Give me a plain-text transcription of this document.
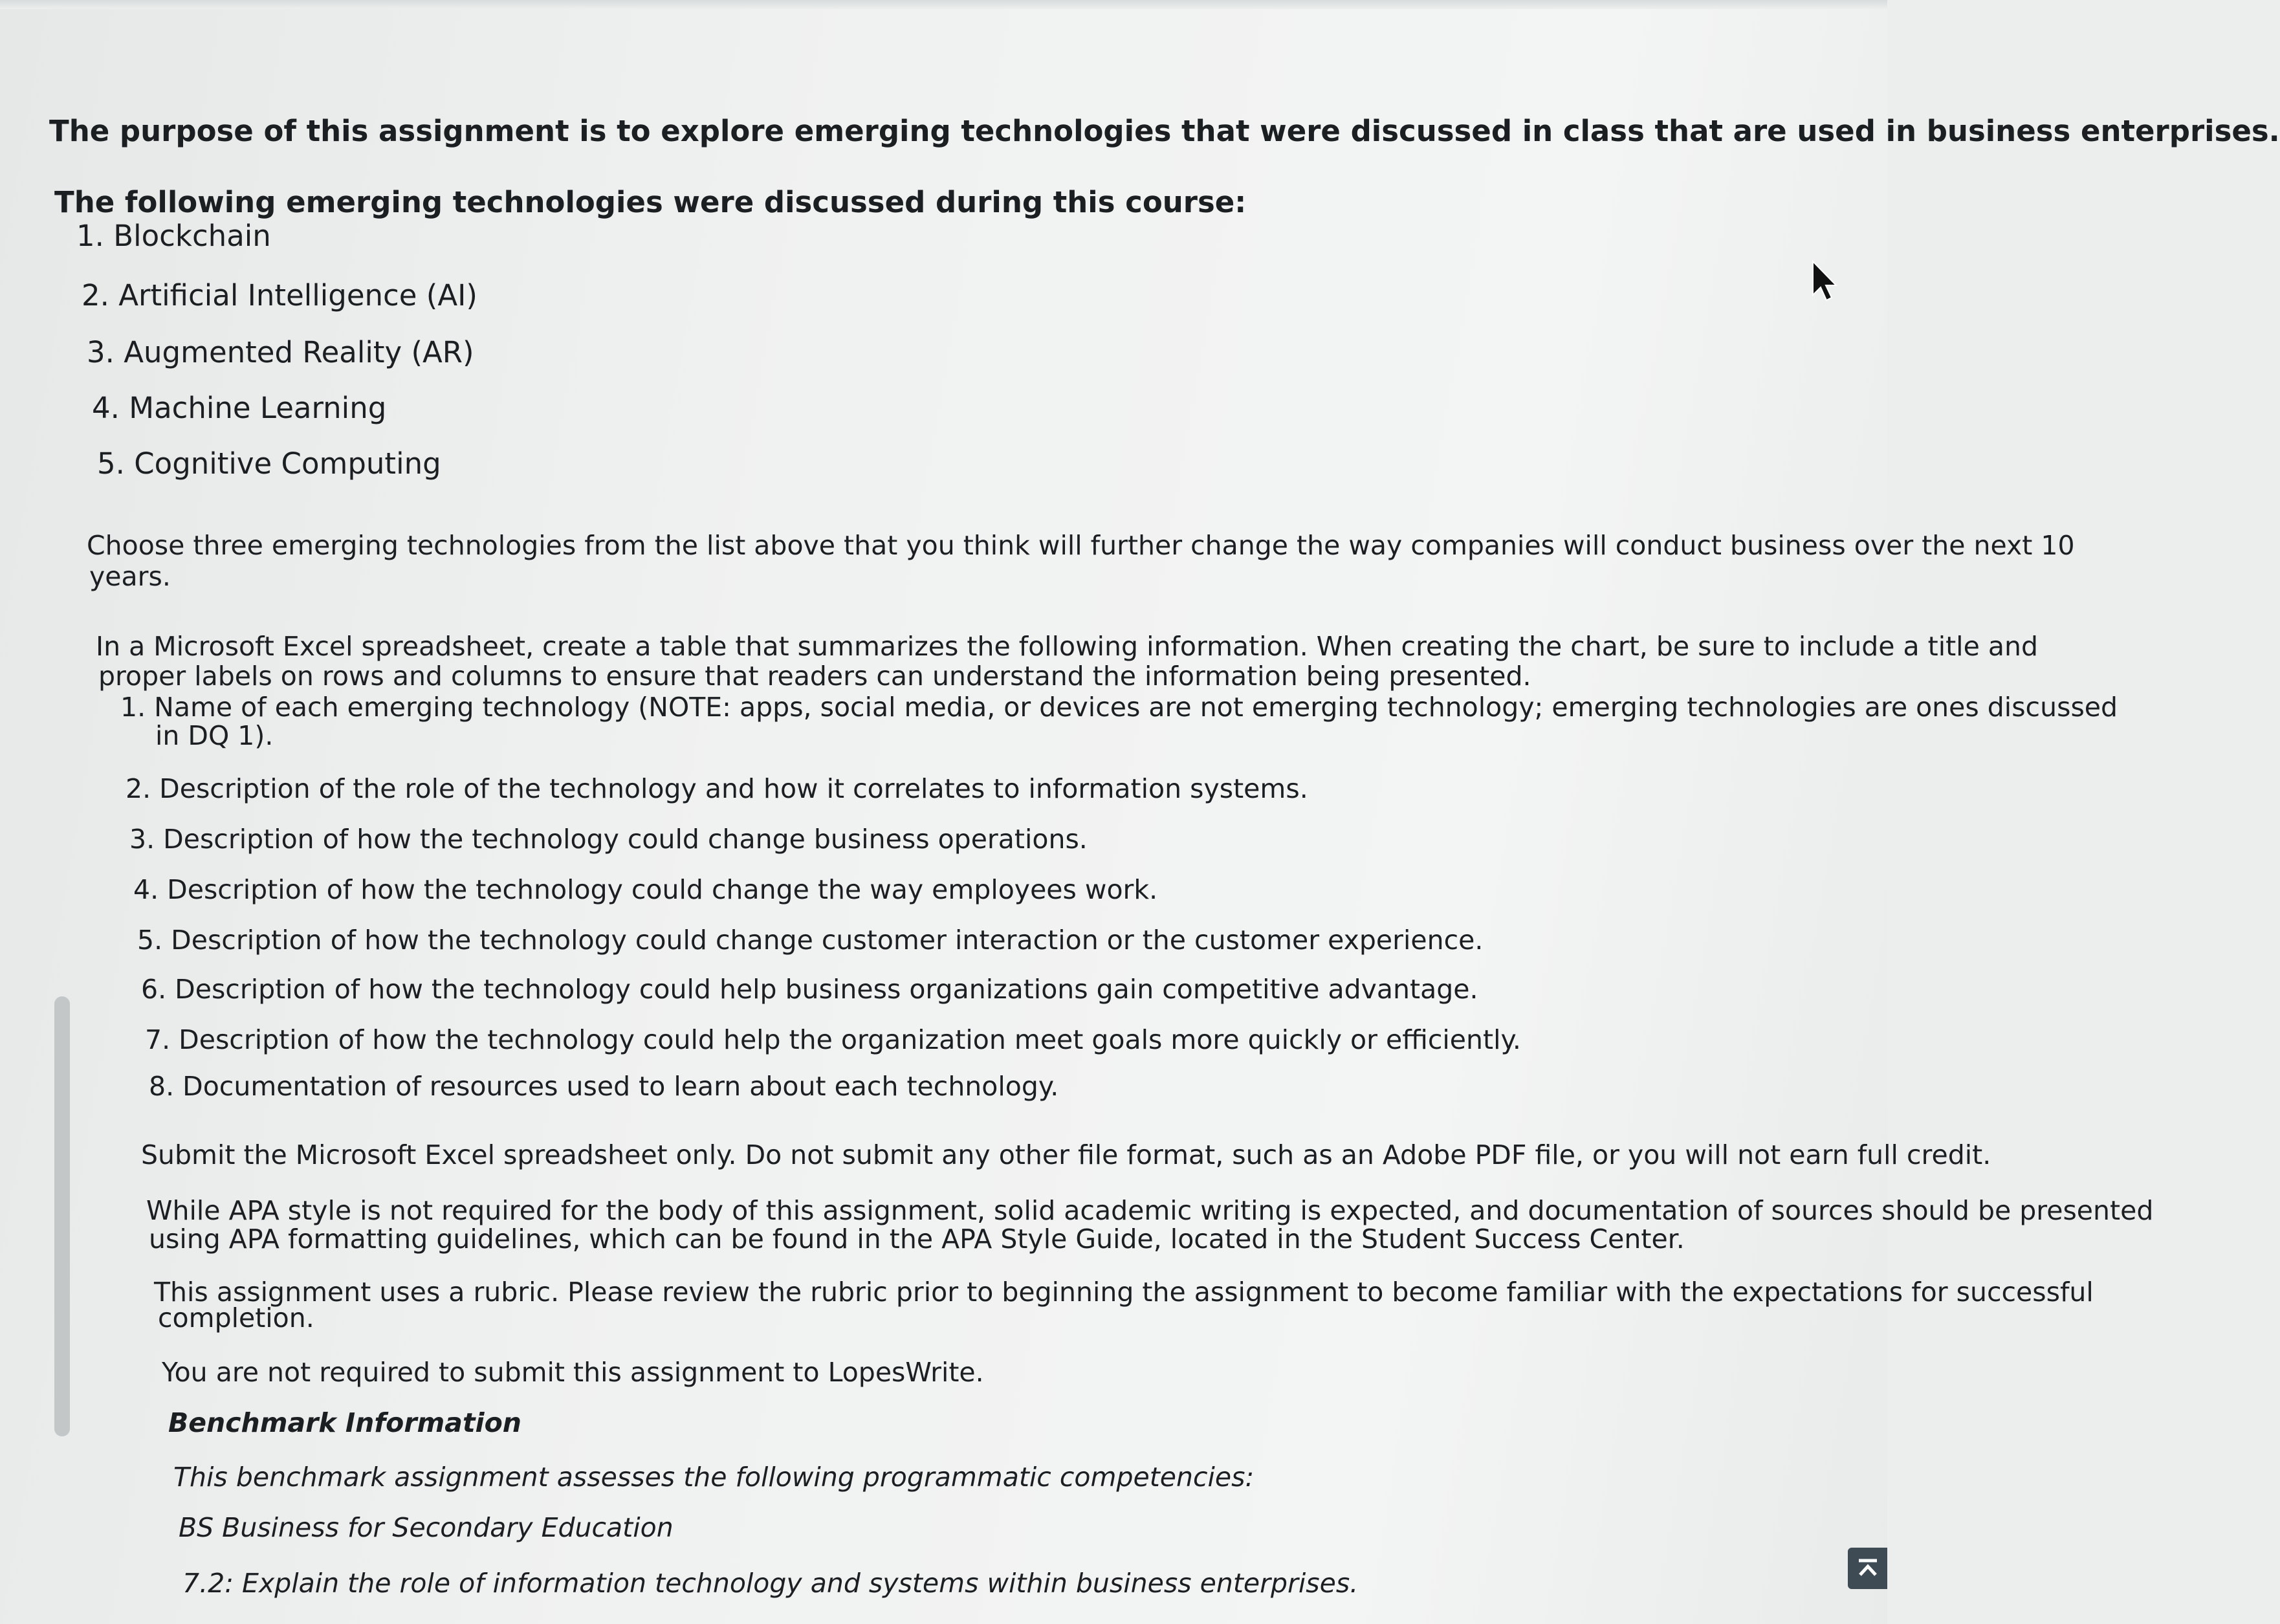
The purpose of this assignment is to explore emerging technologies that were discussed in class that are used in business enterprises.
The following emerging technologies were discussed during this course:
1. Blockchain
2. Artificial Intelligence (AI)
3. Augmented Reality (AR)
4. Machine Learning
5. Cognitive Computing
Choose three emerging technologies from the list above that you think will further change the way companies will conduct business over the next 10
years.
In a Microsoft Excel spreadsheet, create a table that summarizes the following information. When creating the chart, be sure to include a title and
proper labels on rows and columns to ensure that readers can understand the information being presented.
1. Name of each emerging technology (NOTE: apps, social media, or devices are not emerging technology; emerging technologies are ones discussed
in DQ 1).
2. Description of the role of the technology and how it correlates to information systems.
3. Description of how the technology could change business operations.
4. Description of how the technology could change the way employees work.
5. Description of how the technology could change customer interaction or the customer experience.
6. Description of how the technology could help business organizations gain competitive advantage.
7. Description of how the technology could help the organization meet goals more quickly or efficiently.
8. Documentation of resources used to learn about each technology.
Submit the Microsoft Excel spreadsheet only. Do not submit any other file format, such as an Adobe PDF file, or you will not earn full credit.
While APA style is not required for the body of this assignment, solid academic writing is expected, and documentation of sources should be presented
using APA formatting guidelines, which can be found in the APA Style Guide, located in the Student Success Center.
This assignment uses a rubric. Please review the rubric prior to beginning the assignment to become familiar with the expectations for successful
completion.
You are not required to submit this assignment to LopesWrite.
Benchmark Information
This benchmark assignment assesses the following programmatic competencies:
BS Business for Secondary Education
7.2: Explain the role of information technology and systems within business enterprises.
